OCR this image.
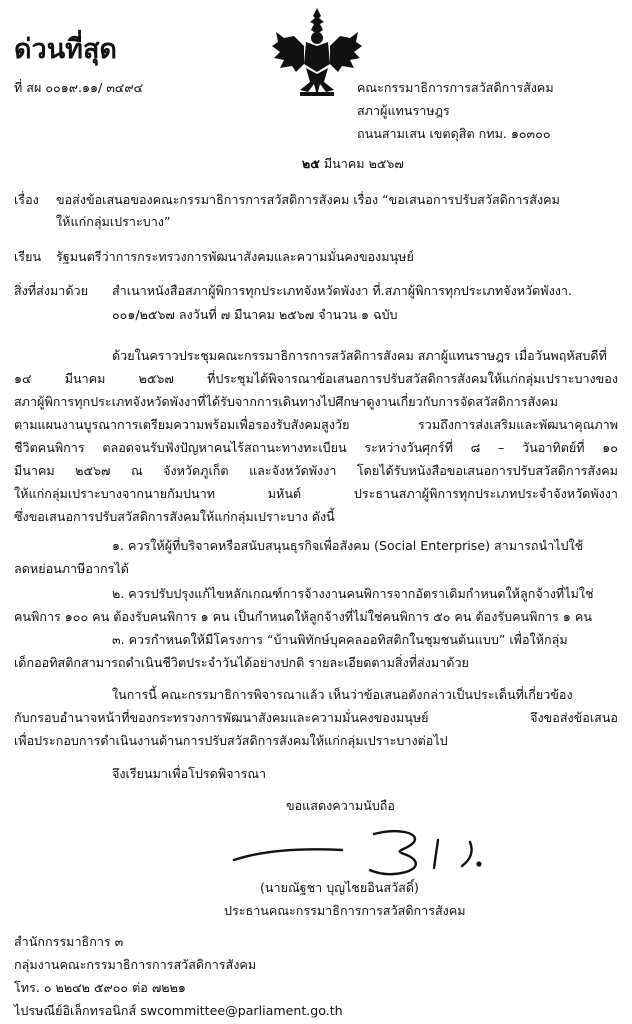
ด่วนที่สุด
ที่ สผ ๐๐๑๙.๑๑/ ๓๔๙๔	คณะกรรมาธิการการสวัสดิการสังคม
สภาผู้แทนราษฎร
ถนนสามเสน เขตดุสิต กทม. ๑๐๓๐๐
๒๕ มีนาคม ๒๕๖๗
เรื่อง ขอส่งข้อเสนอของคณะกรรมาธิการการสวัสดิการสังคม เรื่อง “ขอเสนอการปรับสวัสดิการสังคม
ให้แก่กลุ่มเปราะบาง”
เรียน รัฐมนตรีว่าการกระทรวงการพัฒนาสังคมและความมั่นคงของมนุษย์
สิ่งที่ส่งมาด้วย สำเนาหนังสือสภาผู้พิการทุกประเภทจังหวัดพังงา ที่.สภาผู้พิการทุกประเภทจังหวัดพังงา.
๐๐๑/๒๕๖๗ ลงวันที่ ๗ มีนาคม ๒๕๖๗ จำนวน ๑ ฉบับ
ด้วยในคราวประชุมคณะกรรมาธิการการสวัสดิการสังคม สภาผู้แทนราษฎร เมื่อวันพฤหัสบดีที่
๑๔ มีนาคม ๒๕๖๗ ที่ประชุมได้พิจารณาข้อเสนอการปรับสวัสดิการสังคมให้แก่กลุ่มเปราะบางของ
สภาผู้พิการทุกประเภทจังหวัดพังงาที่ได้รับจากการเดินทางไปศึกษาดูงานเกี่ยวกับการจัดสวัสดิการสังคม
ตามแผนงานบูรณาการเตรียมความพร้อมเพื่อรองรับสังคมสูงวัย รวมถึงการส่งเสริมและพัฒนาคุณภาพ
ชีวิตคนพิการ ตลอดจนรับฟังปัญหาคนไร้สถานะทางทะเบียน ระหว่างวันศุกร์ที่ ๘ – วันอาทิตย์ที่ ๑๐
มีนาคม ๒๕๖๗ ณ จังหวัดภูเก็ต และจังหวัดพังงา โดยได้รับหนังสือขอเสนอการปรับสวัสดิการสังคม
ให้แก่กลุ่มเปราะบางจากนายกัมปนาท มหันต์ ประธานสภาผู้พิการทุกประเภทประจำจังหวัดพังงา
ซึ่งขอเสนอการปรับสวัสดิการสังคมให้แก่กลุ่มเปราะบาง ดังนี้
๑. ควรให้ผู้ที่บริจาคหรือสนับสนุนธุรกิจเพื่อสังคม (Social Enterprise) สามารถนำไปใช้
ลดหย่อนภาษีอากรได้
๒. ควรปรับปรุงแก้ไขหลักเกณฑ์การจ้างงานคนพิการจากอัตราเดิมกำหนดให้ลูกจ้างที่ไม่ใช่
คนพิการ ๑๐๐ คน ต้องรับคนพิการ ๑ คน เป็นกำหนดให้ลูกจ้างที่ไม่ใช่คนพิการ ๕๐ คน ต้องรับคนพิการ ๑ คน
๓. ควรกำหนดให้มีโครงการ “บ้านพิทักษ์บุคคลออทิสติกในชุมชนต้นแบบ” เพื่อให้กลุ่ม
เด็กออทิสติกสามารถดำเนินชีวิตประจำวันได้อย่างปกติ รายละเอียดตามสิ่งที่ส่งมาด้วย
ในการนี้ คณะกรรมาธิการพิจารณาแล้ว เห็นว่าข้อเสนอดังกล่าวเป็นประเด็นที่เกี่ยวข้อง
กับกรอบอำนาจหน้าที่ของกระทรวงการพัฒนาสังคมและความมั่นคงของมนุษย์ จึงขอส่งข้อเสนอ
เพื่อประกอบการดำเนินงานด้านการปรับสวัสดิการสังคมให้แก่กลุ่มเปราะบางต่อไป
จึงเรียนมาเพื่อโปรดพิจารณา
ขอแสดงความนับถือ
(นายณัฐชา บุญไชยอินสวัสดิ์)
ประธานคณะกรรมาธิการการสวัสดิการสังคม
สำนักกรรมาธิการ ๓
กลุ่มงานคณะกรรมาธิการการสวัสดิการสังคม
โทร. ๐ ๒๒๔๒ ๕๙๐๐ ต่อ ๗๒๒๑
ไปรษณีย์อิเล็กทรอนิกส์ swcommittee@parliament.go.th
